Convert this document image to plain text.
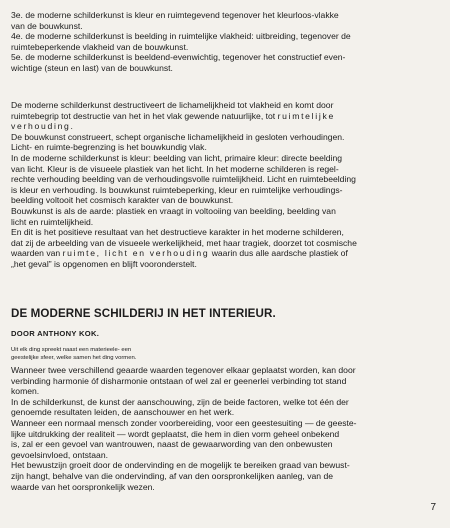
3e. de moderne schilderkunst is kleur en ruimtegevend tegenover het kleurloos-vlakke
van de bouwkunst.

4e. de moderne schilderkunst is beelding in ruimtelijke vlakheid: uitbreiding, tegenover de
ruimtebeperkende vlakheid van de bouwkunst.

5e. de moderne schilderkunst is beeldend-evenwichtig, tegenover het constructief even-
wichtige (steun en last) van de bouwkunst.

De moderne schilderkunst destructiveert de lichamelijkheid tot vlakheid en komt door
ruimtebegrip tot destructie van het in het vlak gewende natuurlijke, tot ruimtelijke
verhouding.
De bouwkunst construeert, schept organische lichamelijkheid in gesloten verhoudingen.
Licht- en ruimte-begrenzing is het bouwkundig vlak.
In de moderne schilderkunst is kleur: beelding van licht, primaire kleur: directe beelding
van licht. Kleur is de visueele plastiek van het licht. In het moderne schilderen is regel-
rechte verhouding beelding van de verhoudingsvolle ruimtelijkheid. Licht en ruimtebeelding
is kleur en verhouding. Is bouwkunst ruimtebeperking, kleur en ruimtelijke verhoudings-
beelding voltooit het cosmisch karakter van de bouwkunst.
Bouwkunst is als de aarde: plastiek en vraagt in voltooiing van beelding, beelding van
licht en ruimtelijkheid.
En dit is het positieve resultaat van het destructieve karakter in het moderne schilderen,
dat zij de arbeelding van de visueele werkelijkheid, met haar tragiek, doorzet tot cosmische
waarden van ruimte, licht en verhouding waarin dus alle aardsche plastiek of
„het geval” is opgenomen en blijft vooronderstelt.

DE MODERNE SCHILDERIJ IN HET INTERIEUR.

DOOR ANTHONY KOK.

Uit elk ding spreekt naast een materieele- een
geestelijke sfeer, welke samen het ding vormen.

Wanneer twee verschillend geaarde waarden tegenover elkaar geplaatst worden, kan door
verbinding harmonie óf disharmonie ontstaan of wel zal er geenerlei verbinding tot stand
komen.
In de schilderkunst, de kunst der aanschouwing, zijn de beide factoren, welke tot één der
genoemde resultaten leiden, de aanschouwer en het werk.
Wanneer een normaal mensch zonder voorbereiding, voor een geestesuiting — de geeste-
lijke uitdrukking der realiteit — wordt geplaatst, die hem in dien vorm geheel onbekend
is, zal er een gevoel van wantrouwen, naast de gewaarwording van den onbewusten
gevoelsinvloed, ontstaan.
Het bewustzijn groeit door de ondervinding en de mogelijk te bereiken graad van bewust-
zijn hangt, behalve van die ondervinding, af van den oorspronkelijken aanleg, van de
waarde van het oorspronkelijk wezen.

7
